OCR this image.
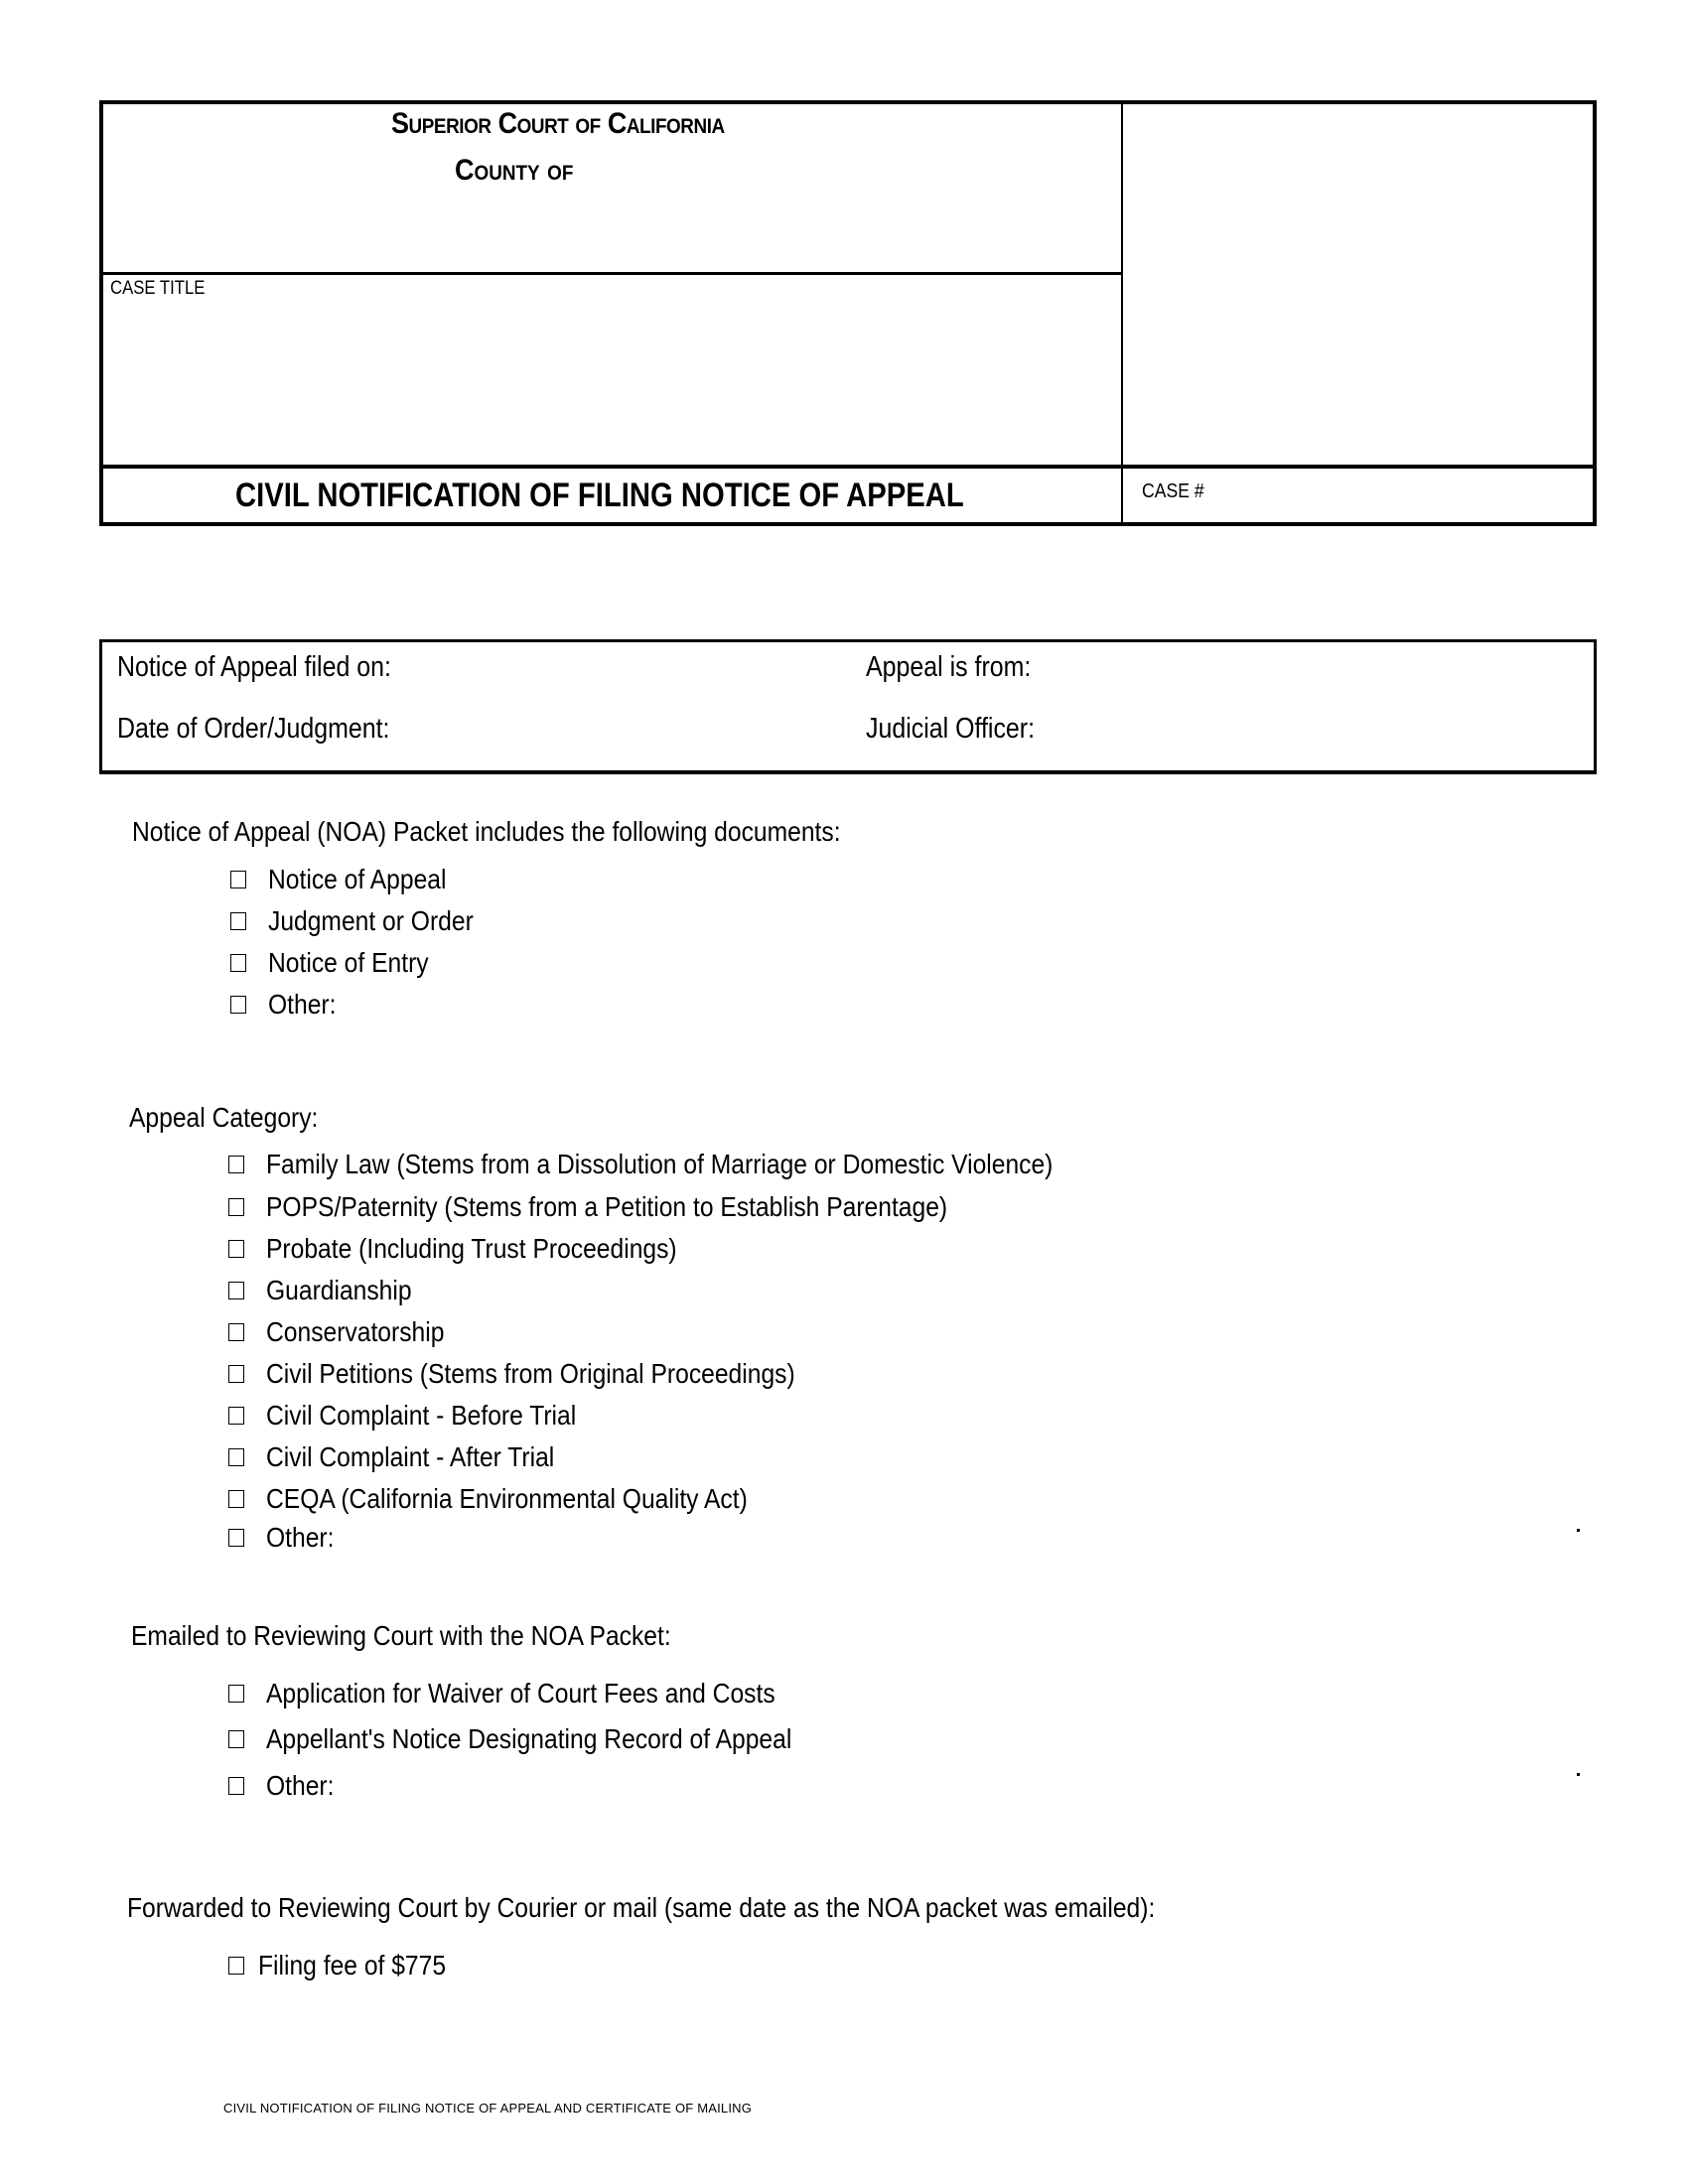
Superior Court of California
County of
CASE TITLE
CIVIL NOTIFICATION OF FILING NOTICE OF APPEAL	CASE #
Notice of Appeal filed on:	Appeal is from:
Date of Order/Judgment:	Judicial Officer:
Notice of Appeal (NOA) Packet includes the following documents:
Notice of Appeal
Judgment or Order
Notice of Entry
Other:
Appeal Category:
Family Law (Stems from a Dissolution of Marriage or Domestic Violence)
POPS/Paternity (Stems from a Petition to Establish Parentage)
Probate (Including Trust Proceedings)
Guardianship
Conservatorship
Civil Petitions (Stems from Original Proceedings)
Civil Complaint - Before Trial
Civil Complaint - After Trial
CEQA (California Environmental Quality Act)
Other:
Emailed to Reviewing Court with the NOA Packet:
Application for Waiver of Court Fees and Costs
Appellant's Notice Designating Record of Appeal
Other:
Forwarded to Reviewing Court by Courier or mail (same date as the NOA packet was emailed):
Filing fee of $775
CIVIL NOTIFICATION OF FILING NOTICE OF APPEAL AND CERTIFICATE OF MAILING
